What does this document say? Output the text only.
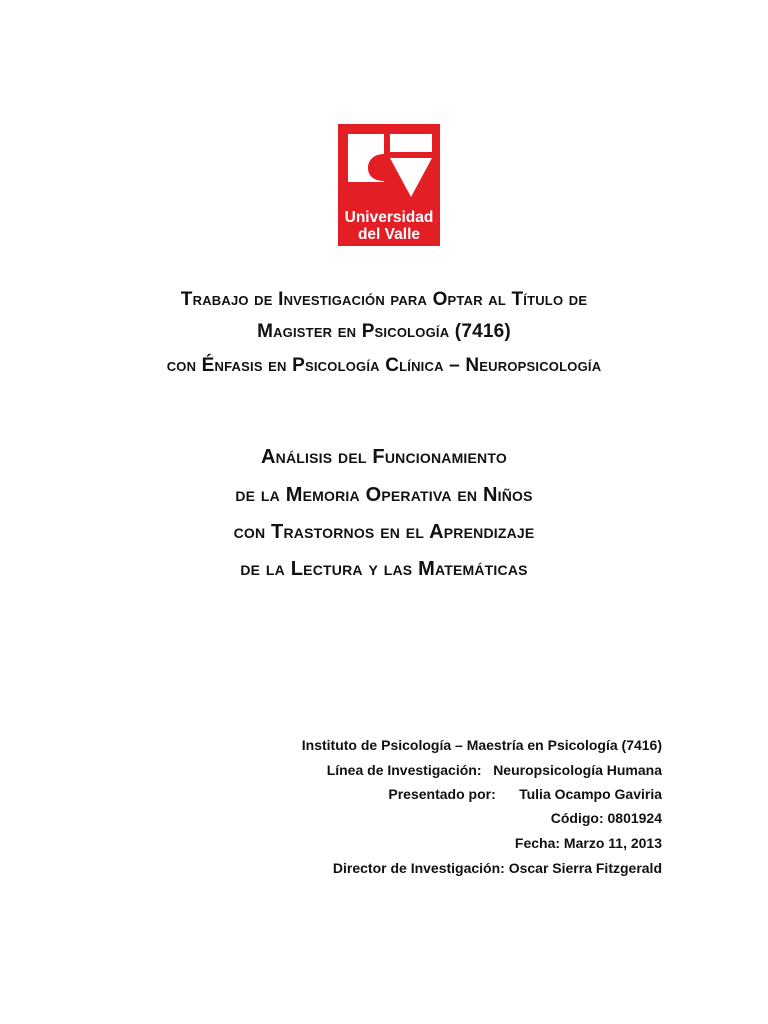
Universidad
del Valle
Trabajo de Investigación para Optar al Título de
Magister en Psicología (7416)
con Énfasis en Psicología Clínica – Neuropsicología
Análisis del Funcionamiento
de la Memoria Operativa en Niños
con Trastornos en el Aprendizaje
de la Lectura y las Matemáticas
Instituto de Psicología – Maestría en Psicología (7416)
Línea de Investigación: Neuropsicología Humana
Presentado por: Tulia Ocampo Gaviria
Código: 0801924
Fecha: Marzo 11, 2013
Director de Investigación: Oscar Sierra Fitzgerald
